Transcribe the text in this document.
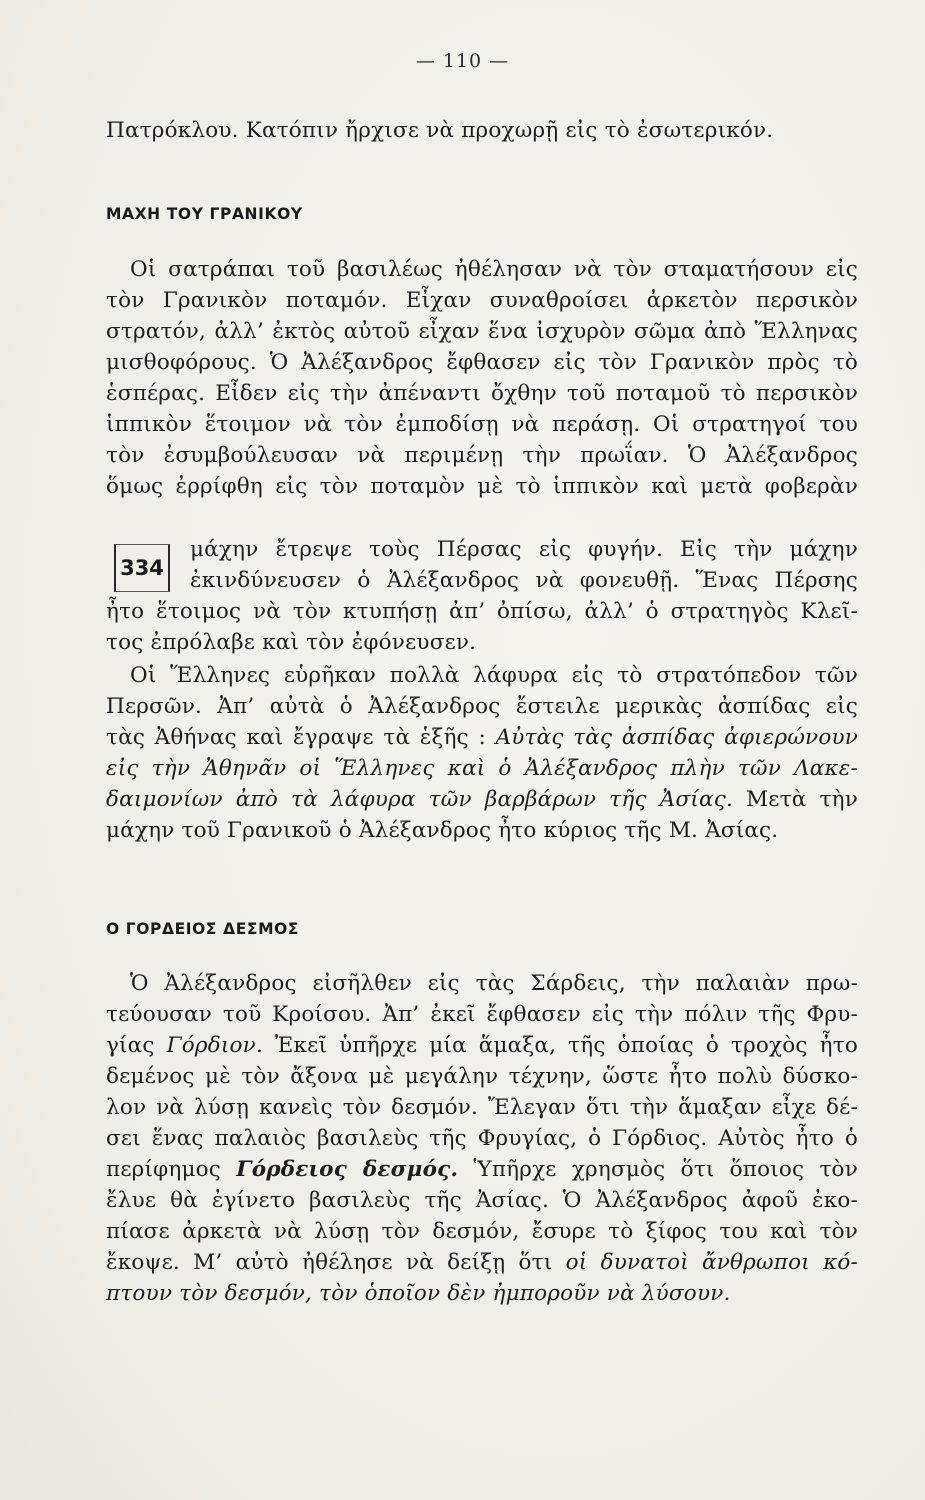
— 110 —
Πατρόκλου. Κατόπιν ἤρχισε νὰ προχωρῇ εἰς τὸ ἐσωτερικόν.
ΜΑΧΗ ΤΟΥ ΓΡΑΝΙΚΟΥ
Οἱ σατράπαι τοῦ βασιλέως ἠθέλησαν νὰ τὸν σταματήσουν εἰς
τὸν Γρανικὸν ποταμόν. Εἶχαν συναθροίσει ἀρκετὸν περσικὸν
στρατόν, ἀλλ’ ἐκτὸς αὐτοῦ εἶχαν ἕνα ἰσχυρὸν σῶμα ἀπὸ Ἕλληνας
μισθοφόρους. Ὁ Ἀλέξανδρος ἔφθασεν εἰς τὸν Γρανικὸν πρὸς τὸ
ἑσπέρας. Εἶδεν εἰς τὴν ἀπέναντι ὄχθην τοῦ ποταμοῦ τὸ περσικὸν
ἱππικὸν ἕτοιμον νὰ τὸν ἐμποδίσῃ νὰ περάσῃ. Οἱ στρατηγοί του
τὸν ἐσυμβούλευσαν νὰ περιμένῃ τὴν πρωΐαν. Ὁ Ἀλέξανδρος
ὅμως ἐρρίφθη εἰς τὸν ποταμὸν μὲ τὸ ἱππικὸν καὶ μετὰ φοβερὰν
334
μάχην ἔτρεψε τοὺς Πέρσας εἰς φυγήν. Εἰς τὴν μάχην
ἐκινδύνευσεν ὁ Ἀλέξανδρος νὰ φονευθῇ. Ἕνας Πέρσης
ἦτο ἕτοιμος νὰ τὸν κτυπήσῃ ἀπ’ ὀπίσω, ἀλλ’ ὁ στρατηγὸς Κλεῖ-
τος ἐπρόλαβε καὶ τὸν ἐφόνευσεν.
Οἱ Ἕλληνες εὑρῆκαν πολλὰ λάφυρα εἰς τὸ στρατόπεδον τῶν
Περσῶν. Ἀπ’ αὐτὰ ὁ Ἀλέξανδρος ἔστειλε μερικὰς ἀσπίδας εἰς
τὰς Ἀθήνας καὶ ἔγραψε τὰ ἑξῆς : Αὐτὰς τὰς ἀσπίδας ἀφιερώνουν
εἰς τὴν Ἀθηνᾶν οἱ Ἕλληνες καὶ ὁ Ἀλέξανδρος πλὴν τῶν Λακε-
δαιμονίων ἀπὸ τὰ λάφυρα τῶν βαρβάρων τῆς Ἀσίας. Μετὰ τὴν
μάχην τοῦ Γρανικοῦ ὁ Ἀλέξανδρος ἦτο κύριος τῆς Μ. Ἀσίας.
Ο ΓΟΡΔΕΙΟΣ ΔΕΣΜΟΣ
Ὁ Ἀλέξανδρος εἰσῆλθεν εἰς τὰς Σάρδεις, τὴν παλαιὰν πρω-
τεύουσαν τοῦ Κροίσου. Ἀπ’ ἐκεῖ ἔφθασεν εἰς τὴν πόλιν τῆς Φρυ-
γίας Γόρδιον. Ἐκεῖ ὑπῆρχε μία ἅμαξα, τῆς ὁποίας ὁ τροχὸς ἦτο
δεμένος μὲ τὸν ἄξονα μὲ μεγάλην τέχνην, ὥστε ἦτο πολὺ δύσκο-
λον νὰ λύσῃ κανεὶς τὸν δεσμόν. Ἔλεγαν ὅτι τὴν ἅμαξαν εἶχε δέ-
σει ἕνας παλαιὸς βασιλεὺς τῆς Φρυγίας, ὁ Γόρδιος. Αὐτὸς ἦτο ὁ
περίφημος Γόρδειος δεσμός. Ὑπῆρχε χρησμὸς ὅτι ὅποιος τὸν
ἔλυε θὰ ἐγίνετο βασιλεὺς τῆς Ἀσίας. Ὁ Ἀλέξανδρος ἀφοῦ ἐκο-
πίασε ἀρκετὰ νὰ λύσῃ τὸν δεσμόν, ἔσυρε τὸ ξίφος του καὶ τὸν
ἔκοψε. Μ’ αὐτὸ ἠθέλησε νὰ δείξῃ ὅτι οἱ δυνατοὶ ἄνθρωποι κό-
πτουν τὸν δεσμόν, τὸν ὁποῖον δὲν ἠμποροῦν νὰ λύσουν.
